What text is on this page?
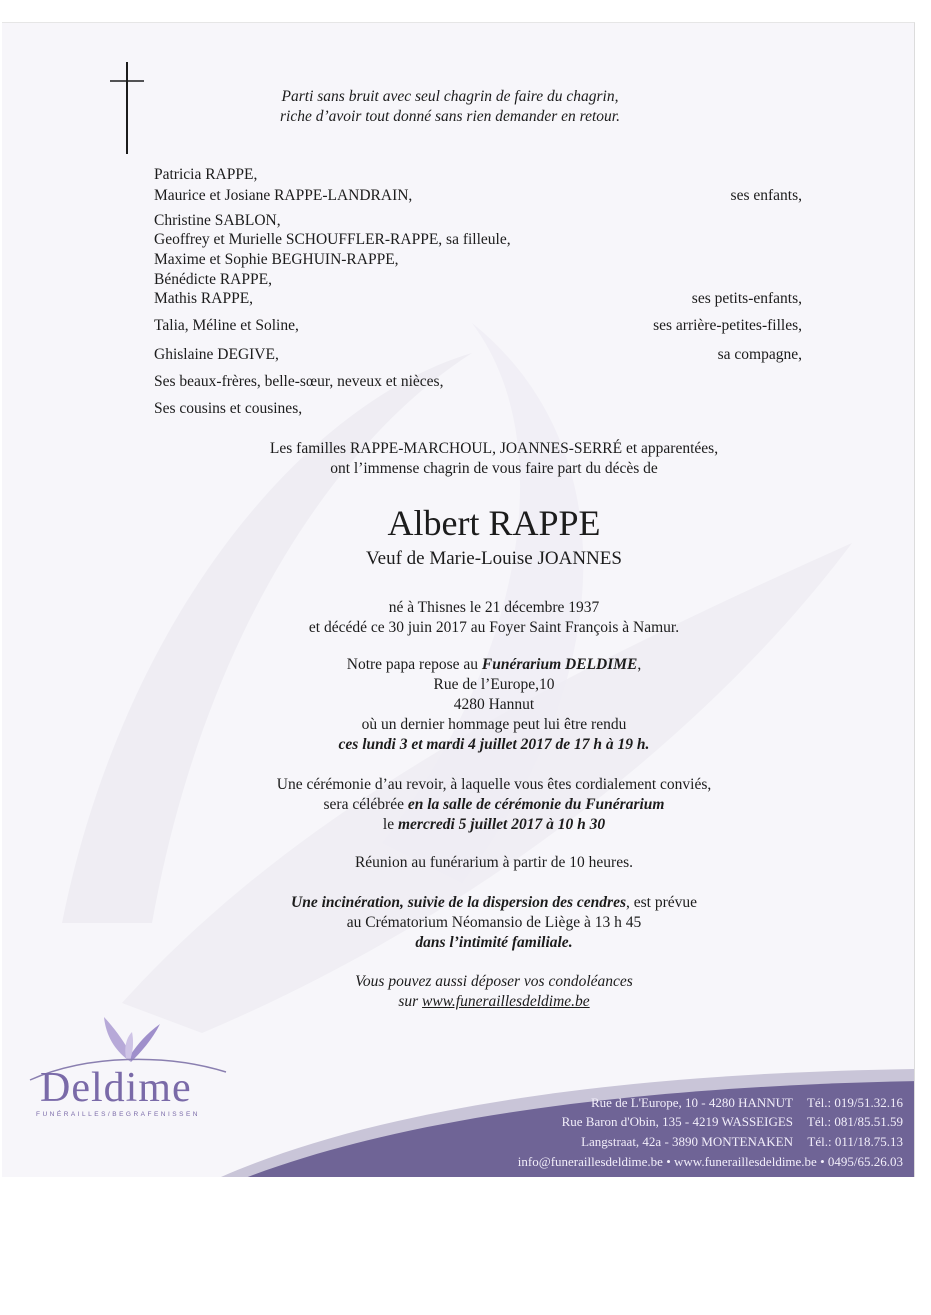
Parti sans bruit avec seul chagrin de faire du chagrin,
riche d’avoir tout donné sans rien demander en retour.
Patricia RAPPE,
Maurice et Josiane RAPPE-LANDRAIN,	ses enfants,
Christine SABLON,
Geoffrey et Murielle SCHOUFFLER-RAPPE, sa filleule,
Maxime et Sophie BEGHUIN-RAPPE,
Bénédicte RAPPE,
Mathis RAPPE,	ses petits-enfants,
Talia, Méline et Soline,	ses arrière-petites-filles,
Ghislaine DEGIVE,	sa compagne,
Ses beaux-frères, belle-sœur, neveux et nièces,
Ses cousins et cousines,
Les familles RAPPE-MARCHOUL, JOANNES-SERRÉ et apparentées,
ont l’immense chagrin de vous faire part du décès de
Albert RAPPE
Veuf de Marie-Louise JOANNES
né à Thisnes le 21 décembre 1937
et décédé ce 30 juin 2017 au Foyer Saint François à Namur.
Notre papa repose au Funérarium DELDIME,
Rue de l’Europe,10
4280 Hannut
où un dernier hommage peut lui être rendu
ces lundi 3 et mardi 4 juillet 2017 de 17 h à 19 h.
Une cérémonie d’au revoir, à laquelle vous êtes cordialement conviés,
sera célébrée en la salle de cérémonie du Funérarium
le mercredi 5 juillet 2017 à 10 h 30
Réunion au funérarium à partir de 10 heures.
Une incinération, suivie de la dispersion des cendres, est prévue
au Crématorium Néomansio de Liège à 13 h 45
dans l’intimité familiale.
Vous pouvez aussi déposer vos condoléances
sur www.funeraillesdeldime.be
Deldime
FUNÉRAILLES/BEGRAFENISSEN
Rue de L'Europe, 10 - 4280 HANNUT Tél.: 019/51.32.16
Rue Baron d'Obin, 135 - 4219 WASSEIGES Tél.: 081/85.51.59
Langstraat, 42a - 3890 MONTENAKEN Tél.: 011/18.75.13
info@funeraillesdeldime.be • www.funeraillesdeldime.be • 0495/65.26.03
